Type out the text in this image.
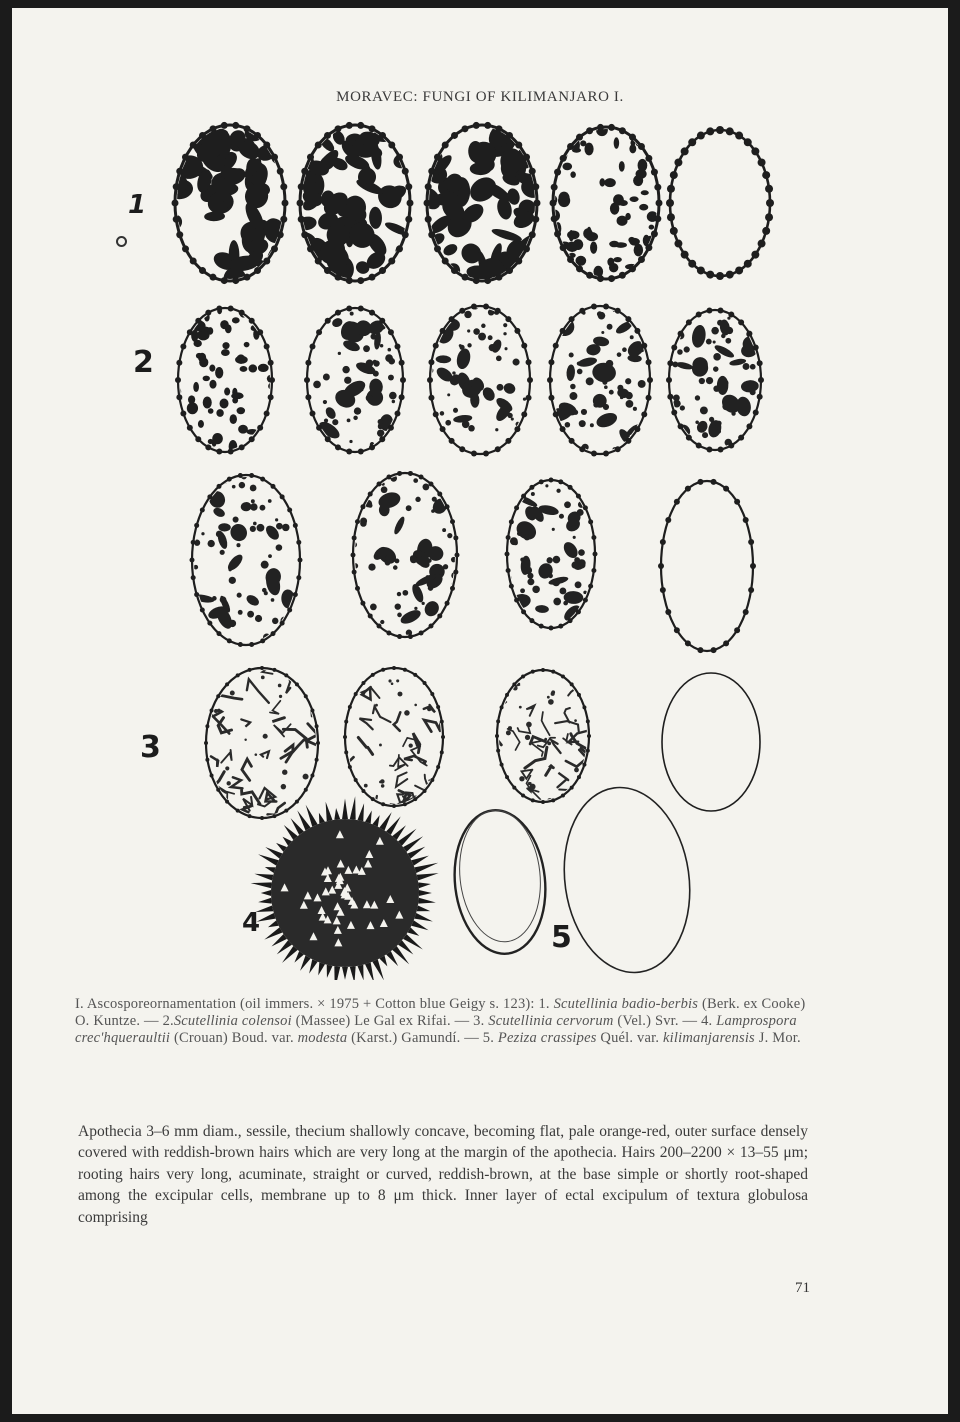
MORAVEC: FUNGI OF KILIMANJARO I.
1
2
3
4	5
I. Ascosporeornamentation (oil immers. × 1975 + Cotton blue Geigy s. 123): 1. Scutellinia badio-berbis (Berk. ex Cooke) O. Kuntze. — 2.Scutellinia colensoi (Massee) Le Gal ex Rifai. — 3. Scutellinia cervorum (Vel.) Svr. — 4. Lamprospora crec'hqueraultii (Crouan) Boud. var. modesta (Karst.) Gamundí. — 5. Peziza crassipes Quél. var. kilimanjarensis J. Mor.
Apothecia 3–6 mm diam., sessile, thecium shallowly concave, becoming flat, pale orange-red, outer surface densely covered with reddish-brown hairs which are very long at the margin of the apothecia. Hairs 200–2200 × 13–55 μm; rooting hairs very long, acuminate, straight or curved, reddish-brown, at the base simple or shortly root-shaped among the excipular cells, membrane up to 8 μm thick. Inner layer of ectal excipulum of textura globulosa comprising
71
